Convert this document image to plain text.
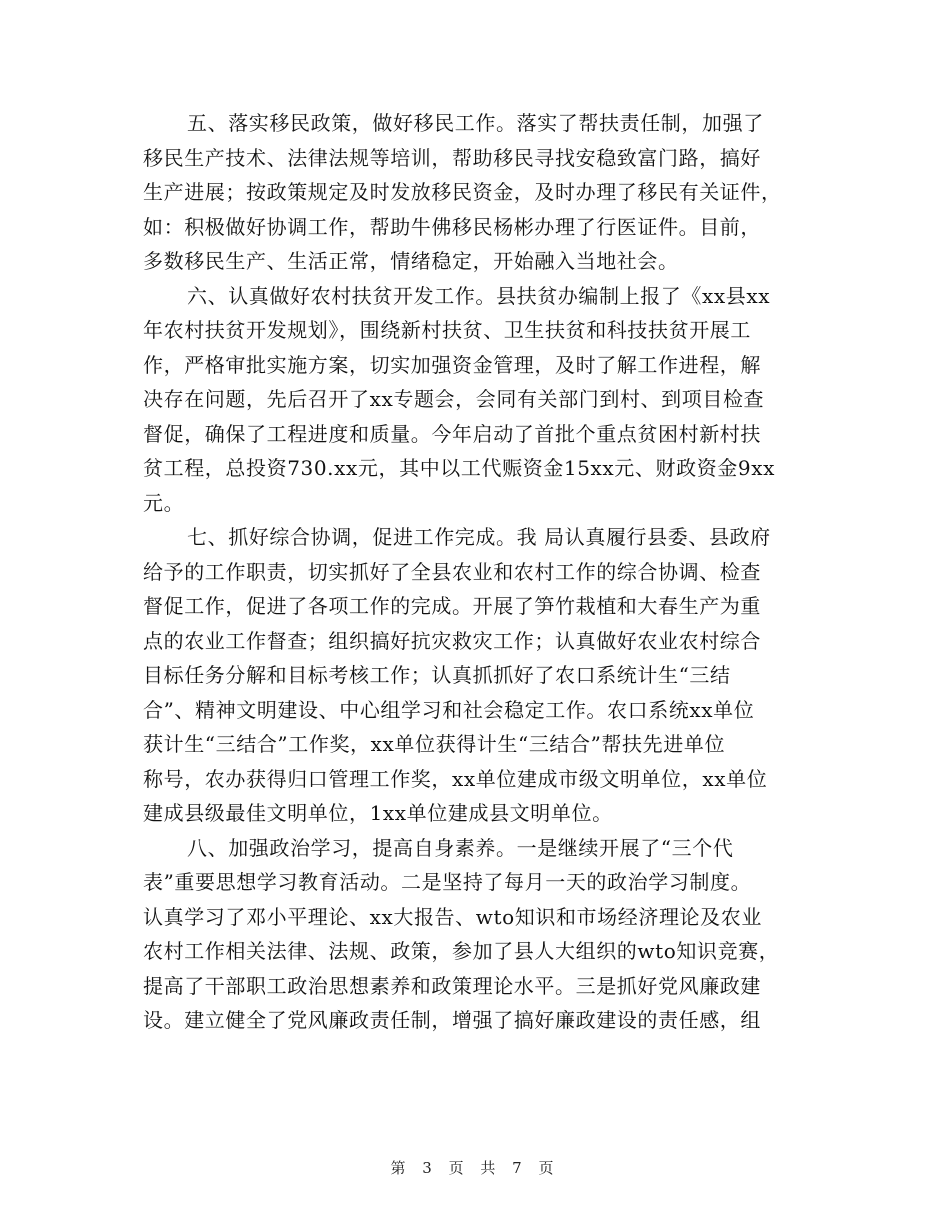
五、落实移民政策，做好移民工作。落实了帮扶责任制，加强了
移民生产技术、法律法规等培训，帮助移民寻找安稳致富门路，搞好
生产进展；按政策规定及时发放移民资金，及时办理了移民有关证件，
如：积极做好协调工作，帮助牛佛移民杨彬办理了行医证件。目前，
多数移民生产、生活正常，情绪稳定，开始融入当地社会。
六、认真做好农村扶贫开发工作。县扶贫办编制上报了《xx县xx
年农村扶贫开发规划》，围绕新村扶贫、卫生扶贫和科技扶贫开展工
作，严格审批实施方案，切实加强资金管理，及时了解工作进程，解
决存在问题，先后召开了xx专题会，会同有关部门到村、到项目检查
督促，确保了工程进度和质量。今年启动了首批个重点贫困村新村扶
贫工程，总投资730.xx元，其中以工代赈资金15xx元、财政资金9xx
元。
七、抓好综合协调，促进工作完成。我 局认真履行县委、县政府
给予的工作职责，切实抓好了全县农业和农村工作的综合协调、检查
督促工作，促进了各项工作的完成。开展了笋竹栽植和大春生产为重
点的农业工作督查；组织搞好抗灾救灾工作；认真做好农业农村综合
目标任务分解和目标考核工作；认真抓抓好了农口系统计生“三结
合”、精神文明建设、中心组学习和社会稳定工作。农口系统xx单位
获计生“三结合”工作奖，xx单位获得计生“三结合”帮扶先进单位
称号，农办获得归口管理工作奖，xx单位建成市级文明单位，xx单位
建成县级最佳文明单位，1xx单位建成县文明单位。
八、加强政治学习，提高自身素养。一是继续开展了“三个代
表”重要思想学习教育活动。二是坚持了每月一天的政治学习制度。
认真学习了邓小平理论、xx大报告、wto知识和市场经济理论及农业
农村工作相关法律、法规、政策，参加了县人大组织的wto知识竞赛，
提高了干部职工政治思想素养和政策理论水平。三是抓好党风廉政建
设。建立健全了党风廉政责任制，增强了搞好廉政建设的责任感，组
第 3 页 共 7 页
